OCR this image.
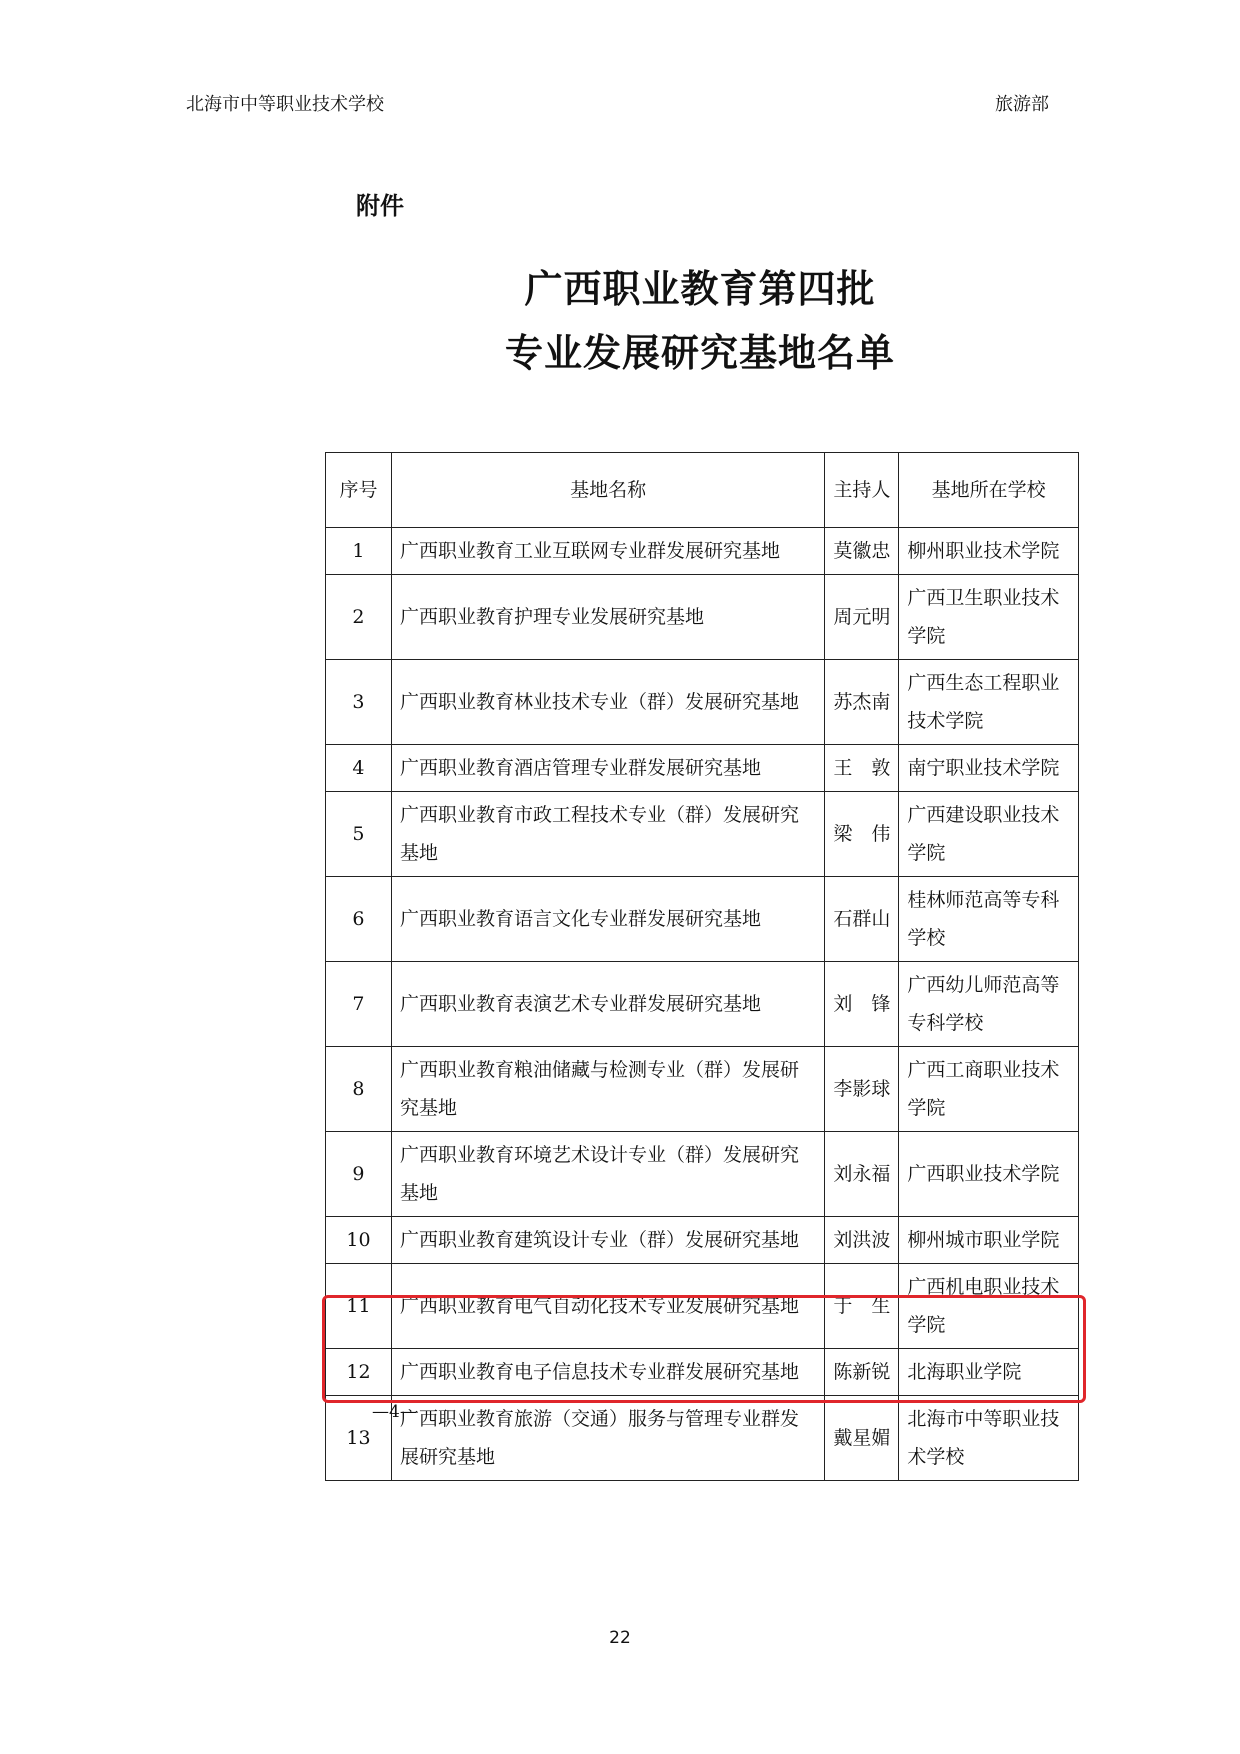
北海市中等职业技术学校	旅游部
附件
广西职业教育第四批
专业发展研究基地名单
序号	基地名称	主持人	基地所在学校
1	广西职业教育工业互联网专业群发展研究基地	莫徽忠	柳州职业技术学院
2	广西职业教育护理专业发展研究基地	周元明	广西卫生职业技术学院
3	广西职业教育林业技术专业（群）发展研究基地	苏杰南	广西生态工程职业技术学院
4	广西职业教育酒店管理专业群发展研究基地	王　敦	南宁职业技术学院
5	广西职业教育市政工程技术专业（群）发展研究基地	梁　伟	广西建设职业技术学院
6	广西职业教育语言文化专业群发展研究基地	石群山	桂林师范高等专科学校
7	广西职业教育表演艺术专业群发展研究基地	刘　锋	广西幼儿师范高等专科学校
8	广西职业教育粮油储藏与检测专业（群）发展研究基地	李影球	广西工商职业技术学院
9	广西职业教育环境艺术设计专业（群）发展研究基地	刘永福	广西职业技术学院
10	广西职业教育建筑设计专业（群）发展研究基地	刘洪波	柳州城市职业学院
11	广西职业教育电气自动化技术专业发展研究基地	于　生	广西机电职业技术学院
12	广西职业教育电子信息技术专业群发展研究基地	陈新锐	北海职业学院
13	广西职业教育旅游（交通）服务与管理专业群发展研究基地	戴星媚	北海市中等职业技术学校
—4—
22
